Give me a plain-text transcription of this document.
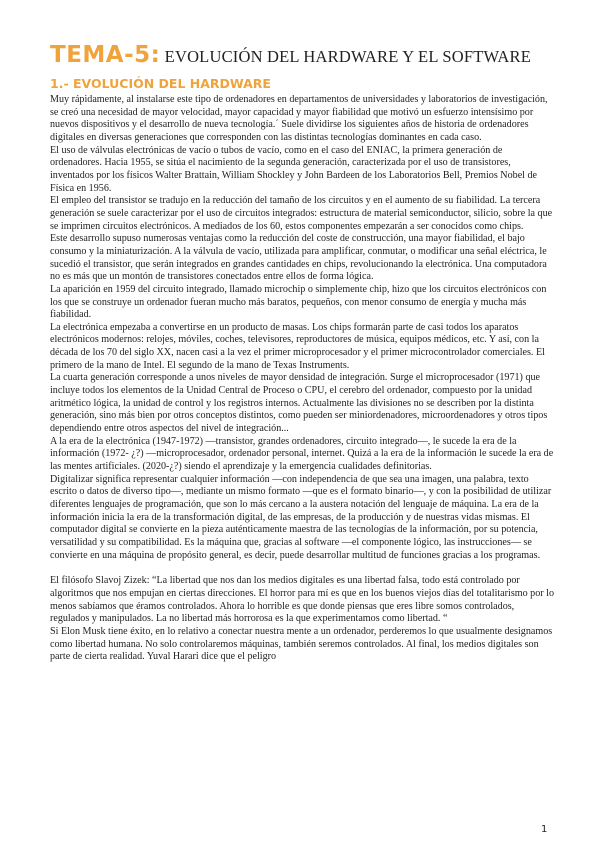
TEMA-5: EVOLUCIÓN DEL HARDWARE Y EL SOFTWARE
1.- EVOLUCIÓN DEL HARDWARE

Muy rápidamente, al instalarse este tipo de ordenadores en departamentos de universidades y laboratorios de investigación, se creó una necesidad de mayor velocidad, mayor capacidad y mayor fiabilidad que motivó un esfuerzo intensísimo por nuevos dispositivos y el desarrollo de nueva tecnología.´ Suele dividirse los siguientes años de historia de ordenadores digitales en diversas generaciones que corresponden con las distintas tecnologías dominantes en cada caso.

El uso de válvulas electrónicas de vacío o tubos de vacío, como en el caso del ENIAC, la primera generación de ordenadores. Hacia 1955, se sitúa el nacimiento de la segunda generación, caracterizada por el uso de transistores, inventados por los físicos Walter Brattain, William Shockley y John Bardeen de los Laboratorios Bell, Premios Nobel de Física en 1956.

El empleo del transistor se tradujo en la reducción del tamaño de los circuitos y en el aumento de su fiabilidad. La tercera generación se suele caracterizar por el uso de circuitos integrados: estructura de material semiconductor, silicio, sobre la que se imprimen circuitos electrónicos. A mediados de los 60, estos componentes empezarán a ser conocidos como chips.

Este desarrollo supuso numerosas ventajas como la reducción del coste de construcción, una mayor fiabilidad, el bajo consumo y la miniaturización. A la válvula de vacío, utilizada para amplificar, conmutar, o modificar una señal eléctrica, le sucedió el transistor, que serán integrados en grandes cantidades en chips, revolucionando la electrónica. Una computadora no es más que un montón de transistores conectados entre ellos de forma lógica.

La aparición en 1959 del circuito integrado, llamado microchip o simplemente chip, hizo que los circuitos electrónicos con los que se construye un ordenador fueran mucho más baratos, pequeños, con menor consumo de energía y mucha más fiabilidad.

La electrónica empezaba a convertirse en un producto de masas. Los chips formarán parte de casi todos los aparatos electrónicos modernos: relojes, móviles, coches, televisores, reproductores de música, equipos médicos, etc. Y así, con la década de los 70 del siglo XX, nacen casi a la vez el primer microprocesador y el primer microcontrolador comerciales. El primero de la mano de Intel. El segundo de la mano de Texas Instruments.

La cuarta generación corresponde a unos niveles de mayor densidad de integración. Surge el microprocesador (1971) que incluye todos los elementos de la Unidad Central de Proceso o CPU, el cerebro del ordenador, compuesto por la unidad aritmético lógica, la unidad de control y los registros internos. Actualmente las divisiones no se describen por la distinta generación, sino más bien por otros conceptos distintos, como pueden ser miniordenadores, microordenadores y otros tipos dependiendo entre otros aspectos del nivel de integración...

A la era de la electrónica (1947-1972) —transistor, grandes ordenadores, circuito integrado—, le sucede la era de la información (1972- ¿?) —microprocesador, ordenador personal, internet. Quizá a la era de la información le sucede la era de las mentes artificiales. (2020-¿?) siendo el aprendizaje y la emergencia cualidades definitorias.

Digitalizar significa representar cualquier información —con independencia de que sea una imagen, una palabra, texto escrito o datos de diverso tipo—, mediante un mismo formato —que es el formato binario—, y con la posibilidad de utilizar diferentes lenguajes de programación, que son lo más cercano a la austera notación del lenguaje de máquina. La era de la información inicia la era de la transformación digital, de las empresas, de la producción y de nuestras vidas mismas. El computador digital se convierte en la pieza auténticamente maestra de las tecnologías de la información, por su potencia, versatilidad y su compatibilidad. Es la máquina que, gracias al software —el componente lógico, las instrucciones— se convierte en una máquina de propósito general, es decir, puede desarrollar multitud de funciones gracias a los programas.

El filósofo Slavoj Zizek: “La libertad que nos dan los medios digitales es una libertad falsa, todo está controlado por algoritmos que nos empujan en ciertas direcciones. El horror para mí es que en los buenos viejos días del totalitarismo por lo menos sabíamos que éramos controlados. Ahora lo horrible es que donde piensas que eres libre somos controlados, regulados y manipulados. La no libertad más horrorosa es la que experimentamos como libertad. “

Si Elon Musk tiene éxito, en lo relativo a conectar nuestra mente a un ordenador, perderemos lo que usualmente designamos como libertad humana. No solo controlaremos máquinas, también seremos controlados. Al final, los medios digitales son parte de cierta realidad. Yuval Harari dice que el peligro

1
